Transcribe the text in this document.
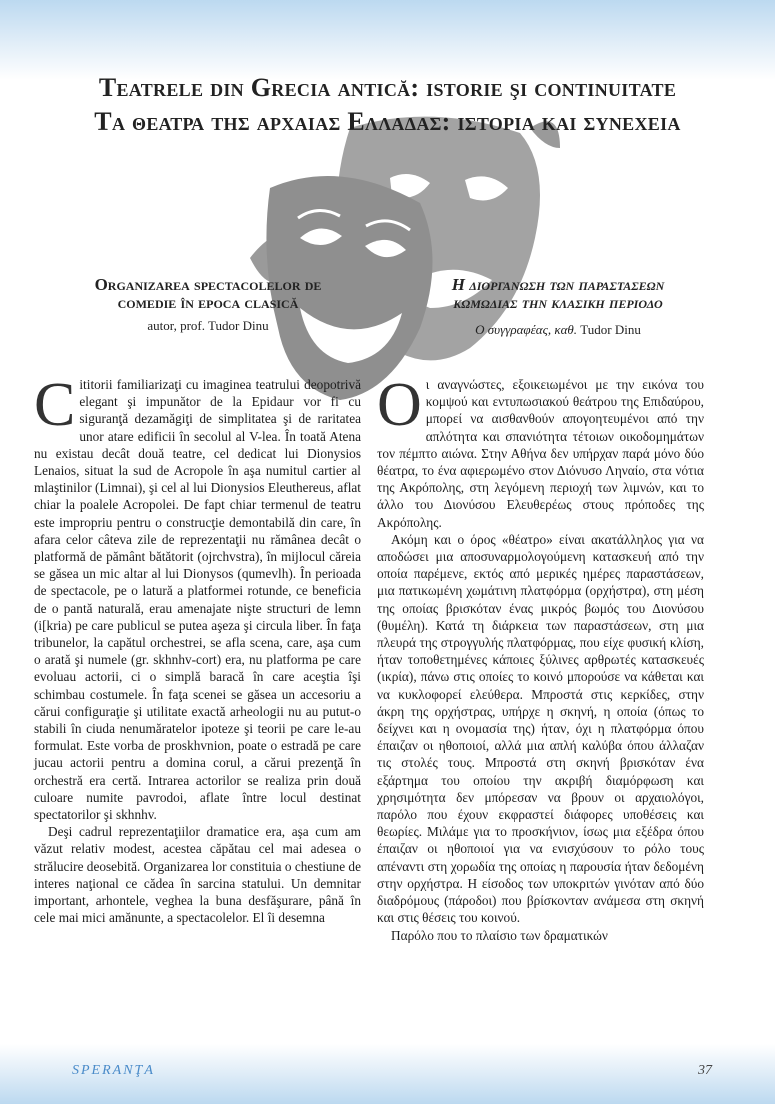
Teatrele din Grecia antică: istorie şi continuitate
Τα θεατρα της αρχαιας Ελλαδας: ιστορια και συνεχεια
Organizarea spectacolelor de
comedie în epoca clasică
Η διοργανωση των παραστασεων
κωμωδιας την κλασικη περιοδο
autor, prof. Tudor Dinu	Ο συγγραφέας, καθ. Tudor Dinu

Cititorii familiarizaţi cu imaginea teatrului deopotrivă elegant şi impunător de la Epidaur vor fi cu siguranţă dezamăgiţi de simplitatea şi de raritatea unor atare edificii în secolul al V-lea. În toată Atena nu existau decât două teatre, cel dedicat lui Dionysios Lenaios, situat la sud de Acropole în aşa numitul cartier al mlaştinilor (Limnai), şi cel al lui Dionysios Eleuthereus, aflat chiar la poalele Acropolei. De fapt chiar termenul de teatru este impropriu pentru o construcţie demontabilă din care, în afara celor câteva zile de reprezentaţii nu rămânea decât o platformă de pământ bătătorit (ojrchvstra), în mijlocul căreia se găsea un mic altar al lui Dionysos (qumevlh). În perioada de spectacole, pe o latură a platformei rotunde, ce beneficia de o pantă naturală, erau amenajate nişte structuri de lemn (i[kria) pe care publicul se putea aşeza şi circula liber. În faţa tribunelor, la capătul orchestrei, se afla scena, care, aşa cum o arată şi numele (gr. skhnhv-cort) era, nu platforma pe care evoluau actorii, ci o simplă baracă în care aceştia îşi schimbau costumele. În faţa scenei se găsea un accesoriu a cărui configuraţie şi utilitate exactă arheologii nu au putut-o stabili în ciuda nenumăratelor ipoteze şi teorii pe care le-au formulat. Este vorba de proskhvnion, poate o estradă pe care jucau actorii pentru a domina corul, a cărui prezenţă în orchestră era certă. Intrarea actorilor se realiza prin două culoare numite pavrodoi, aflate între locul destinat spectatorilor şi skhnhv.

Deşi cadrul reprezentaţiilor dramatice era, aşa cum am văzut relativ modest, acestea căpătau cel mai adesea o strălucire deosebită. Organizarea lor constituia o chestiune de interes naţional ce cădea în sarcina statului. Un demnitar important, arhontele, veghea la buna desfăşurare, până în cele mai mici amănunte, a spectacolelor. El îi desemna

Οι αναγνώστες, εξοικειωμένοι με την εικόνα του κομψού και εντυπωσιακού θεάτρου της Επιδαύρου, μπορεί να αισθανθούν απογοητευμένοι από την απλότητα και σπανιότητα τέτοιων οικοδομημάτων τον πέμπτο αιώνα. Στην Αθήνα δεν υπήρχαν παρά μόνο δύο θέατρα, το ένα αφιερωμένο στον Διόνυσο Ληναίο, στα νότια της Ακρόπολης, στη λεγόμενη περιοχή των λιμνών, και το άλλο του Διονύσου Ελευθερέως στους πρόποδες της Ακρόπολης.

Ακόμη και ο όρος «θέατρο» είναι ακατάλληλος για να αποδώσει μια αποσυναρμολογούμενη κατασκευή από την οποία παρέμενε, εκτός από μερικές ημέρες παραστάσεων, μια πατικωμένη χωμάτινη πλατφόρμα (ορχήστρα), στη μέση της οποίας βρισκόταν ένας μικρός βωμός του Διονύσου (θυμέλη). Κατά τη διάρκεια των παραστάσεων, στη μια πλευρά της στρογγυλής πλατφόρμας, που είχε φυσική κλίση, ήταν τοποθετημένες κάποιες ξύλινες αρθρωτές κατασκευές (ικρία), πάνω στις οποίες το κοινό μπορούσε να κάθεται και να κυκλοφορεί ελεύθερα. Μπροστά στις κερκίδες, στην άκρη της ορχήστρας, υπήρχε η σκηνή, η οποία (όπως το δείχνει και η ονομασία της) ήταν, όχι η πλατφόρμα όπου έπαιζαν οι ηθοποιοί, αλλά μια απλή καλύβα όπου άλλαζαν τις στολές τους. Μπροστά στη σκηνή βρισκόταν ένα εξάρτημα του οποίου την ακριβή διαμόρφωση και χρησιμότητα δεν μπόρεσαν να βρουν οι αρχαιολόγοι, παρόλο που έχουν εκφραστεί διάφορες υποθέσεις και θεωρίες. Μιλάμε για το προσκήνιον, ίσως μια εξέδρα όπου έπαιζαν οι ηθοποιοί για να ενισχύσουν το ρόλο τους απέναντι στη χορωδία της οποίας η παρουσία ήταν δεδομένη στην ορχήστρα. Η είσοδος των υποκριτών γινόταν από δύο διαδρόμους (πάροδοι) που βρίσκονταν ανάμεσα στη σκηνή και στις θέσεις του κοινού.

Παρόλο που το πλαίσιο των δραματικών

SPERANŢA	37
